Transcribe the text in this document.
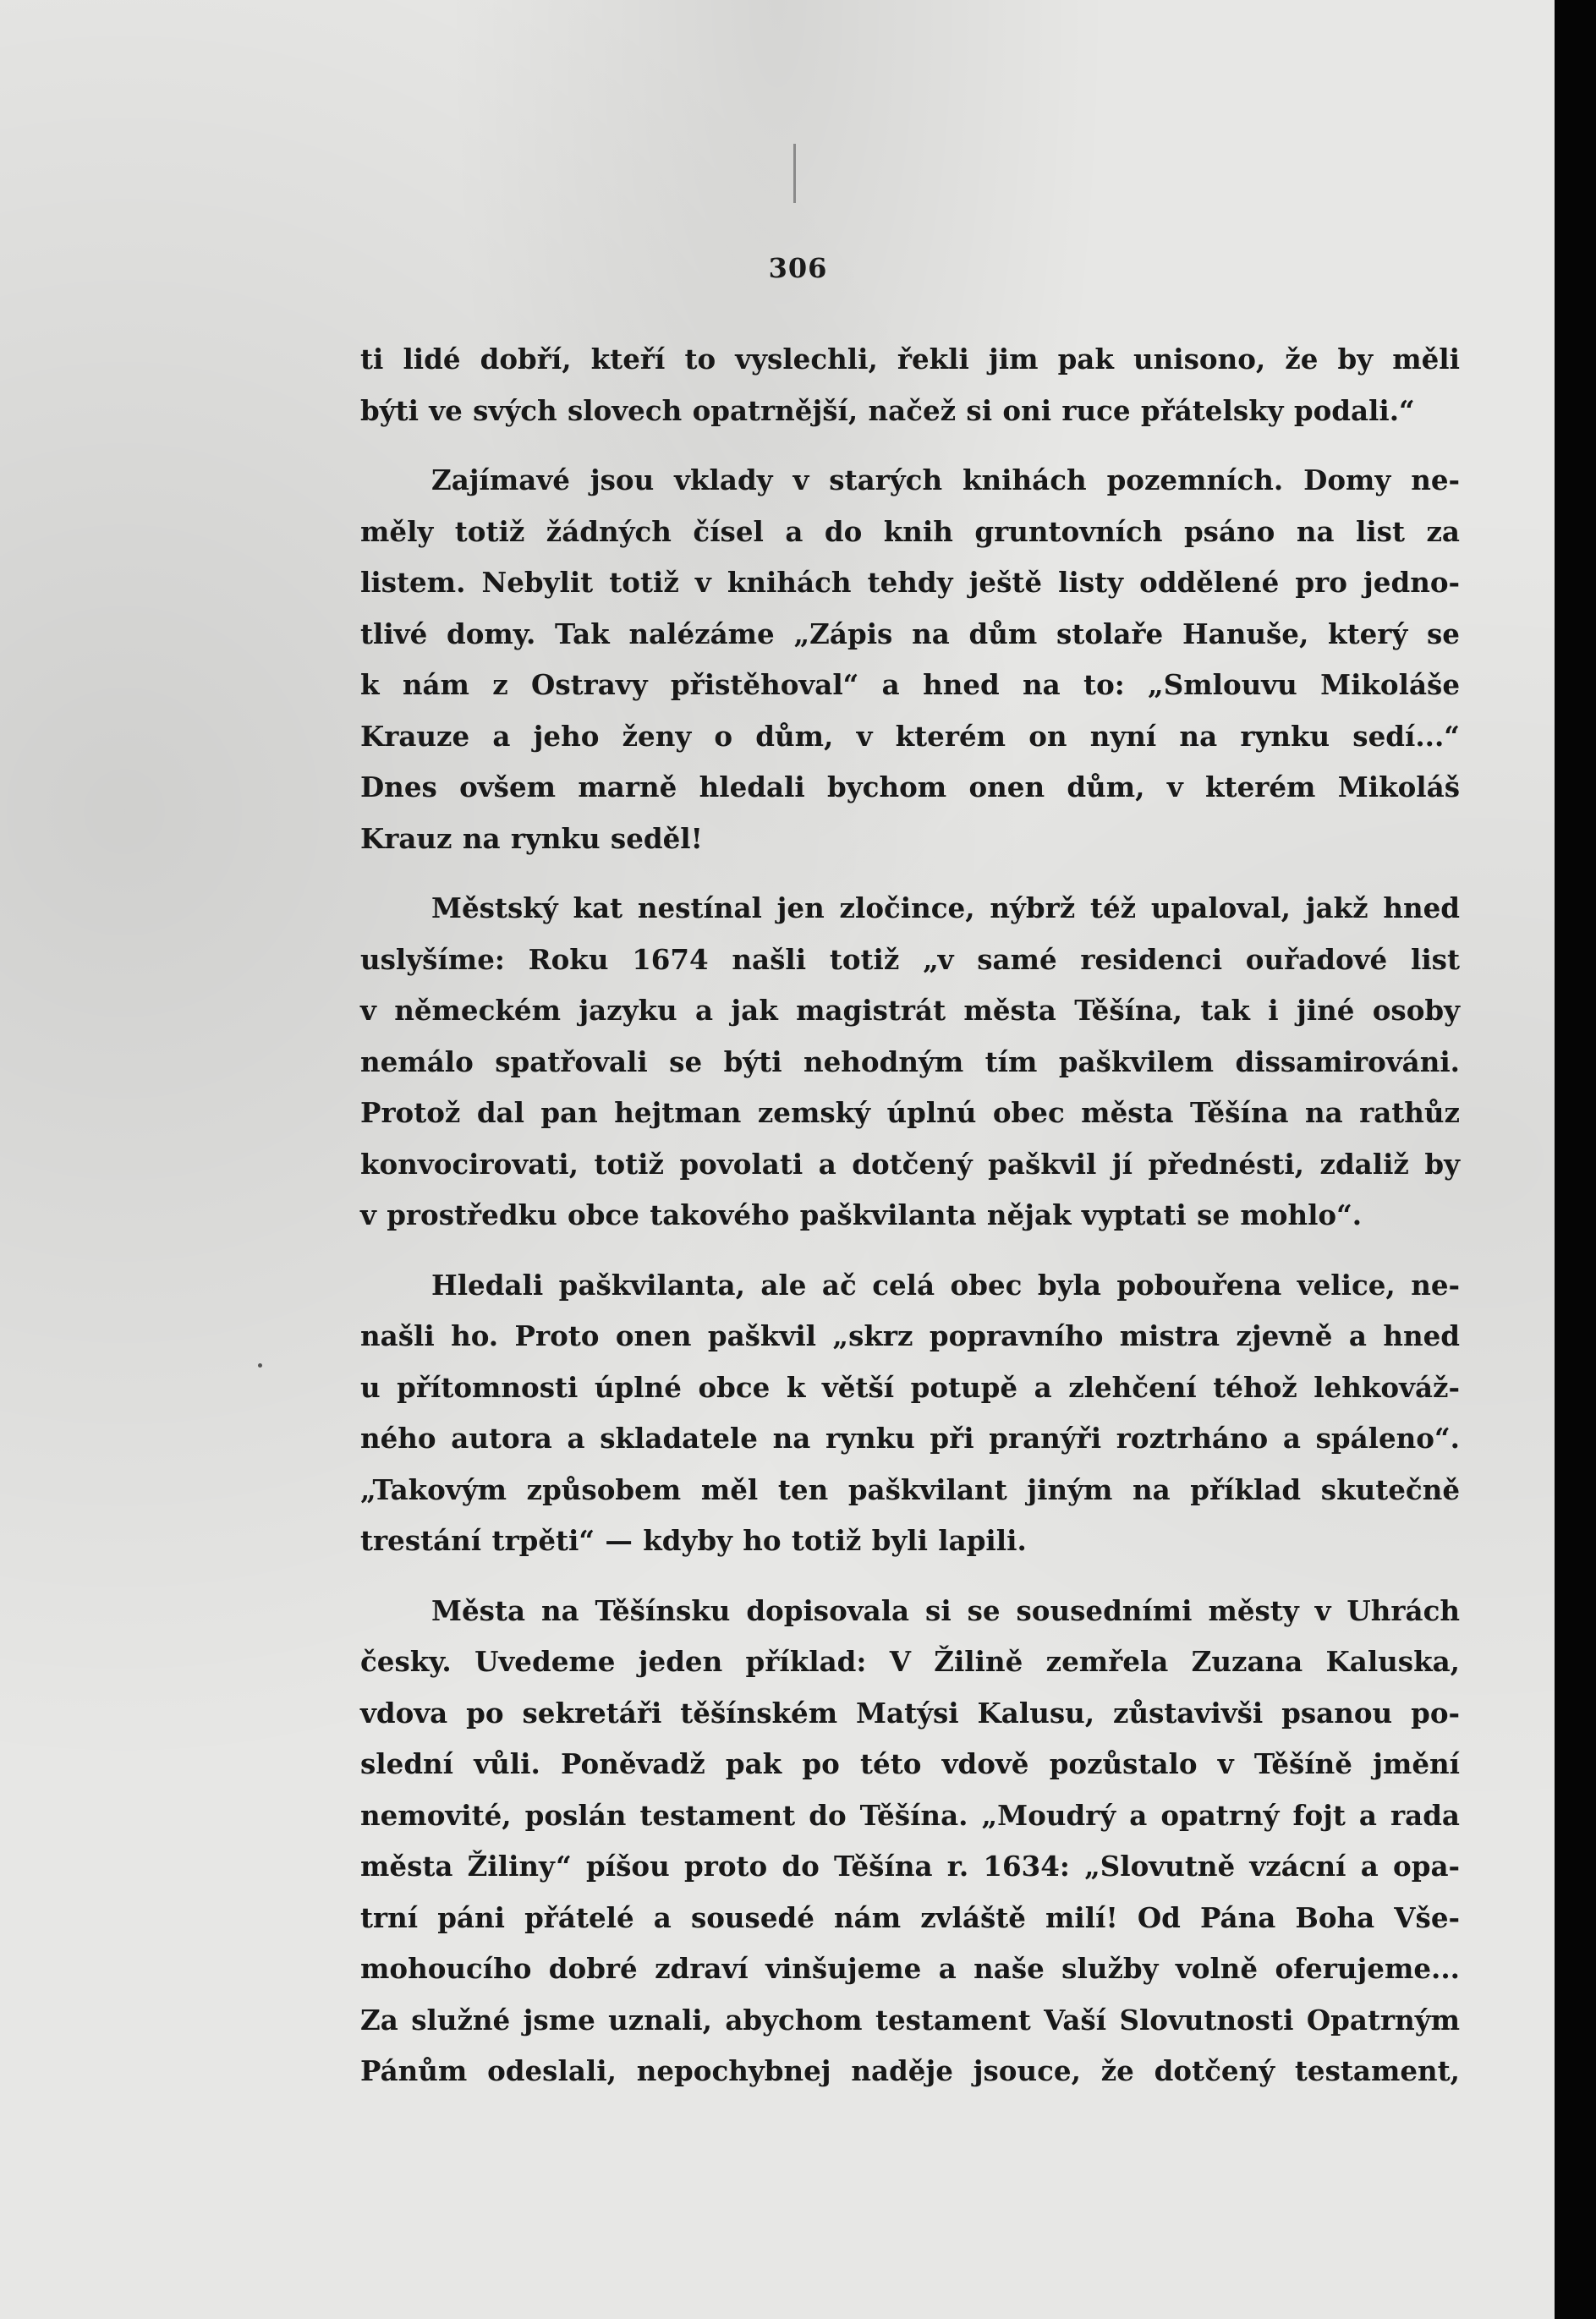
306
ti lidé dobří, kteří to vyslechli, řekli jim pak unisono, že by měli
býti ve svých slovech opatrnější, načež si oni ruce přátelsky podali.“
Zajímavé jsou vklady v starých knihách pozemních. Domy ne-
měly totiž žádných čísel a do knih gruntovních psáno na list za
listem. Nebylit totiž v knihách tehdy ještě listy oddělené pro jedno-
tlivé domy. Tak nalézáme „Zápis na dům stolaře Hanuše, který se
k nám z Ostravy přistěhoval“ a hned na to: „Smlouvu Mikoláše
Krauze a jeho ženy o dům, v kterém on nyní na rynku sedí...“
Dnes ovšem marně hledali bychom onen dům, v kterém Mikoláš
Krauz na rynku seděl!
Městský kat nestínal jen zločince, nýbrž též upaloval, jakž hned
uslyšíme: Roku 1674 našli totiž „v samé residenci ouřadové list
v německém jazyku a jak magistrát města Těšína, tak i jiné osoby
nemálo spatřovali se býti nehodným tím paškvilem dissamirováni.
Protož dal pan hejtman zemský úplnú obec města Těšína na rathůz
konvocirovati, totiž povolati a dotčený paškvil jí přednésti, zdaliž by
v prostředku obce takového paškvilanta nějak vyptati se mohlo“.
Hledali paškvilanta, ale ač celá obec byla pobouřena velice, ne-
našli ho. Proto onen paškvil „skrz popravního mistra zjevně a hned
u přítomnosti úplné obce k větší potupě a zlehčení téhož lehkováž-
ného autora a skladatele na rynku při pranýři roztrháno a spáleno“.
„Takovým způsobem měl ten paškvilant jiným na příklad skutečně
trestání trpěti“ — kdyby ho totiž byli lapili.
Města na Těšínsku dopisovala si se sousedními městy v Uhrách
česky. Uvedeme jeden příklad: V Žilině zemřela Zuzana Kaluska,
vdova po sekretáři těšínském Matýsi Kalusu, zůstavivši psanou po-
slední vůli. Poněvadž pak po této vdově pozůstalo v Těšíně jmění
nemovité, poslán testament do Těšína. „Moudrý a opatrný fojt a rada
města Žiliny“ píšou proto do Těšína r. 1634: „Slovutně vzácní a opa-
trní páni přátelé a sousedé nám zvláště milí! Od Pána Boha Vše-
mohoucího dobré zdraví vinšujeme a naše služby volně oferujeme...
Za služné jsme uznali, abychom testament Vaší Slovutnosti Opatrným
Pánům odeslali, nepochybnej naděje jsouce, že dotčený testament,
